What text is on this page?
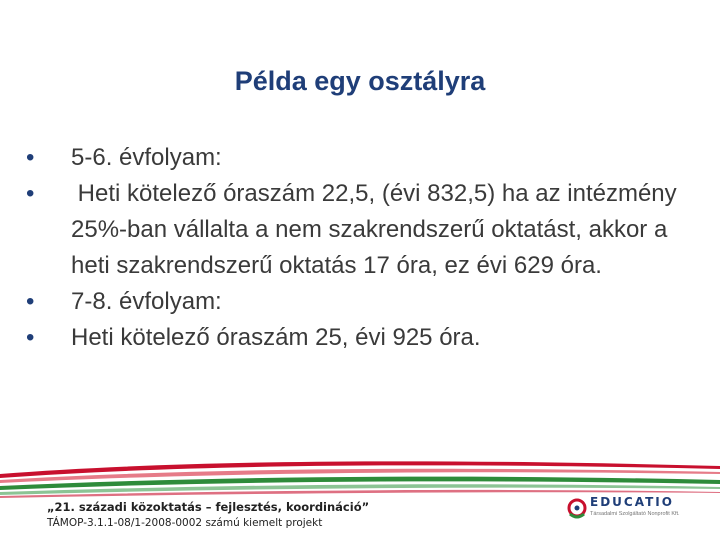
Példa egy osztályra
•	5-6. évfolyam:
•	Heti kötelező óraszám 22,5, (évi 832,5) ha az intézmény 25%-ban vállalta a nem szakrendszerű oktatást, akkor a heti szakrendszerű oktatás 17 óra, ez évi 629 óra.
•	7-8. évfolyam:
•	Heti kötelező óraszám 25, évi 925 óra.
„21. századi közoktatás – fejlesztés, koordináció”
TÁMOP-3.1.1-08/1-2008-0002 számú kiemelt projekt
EDUCATIO
Társadalmi Szolgáltató Nonprofit Kft.
